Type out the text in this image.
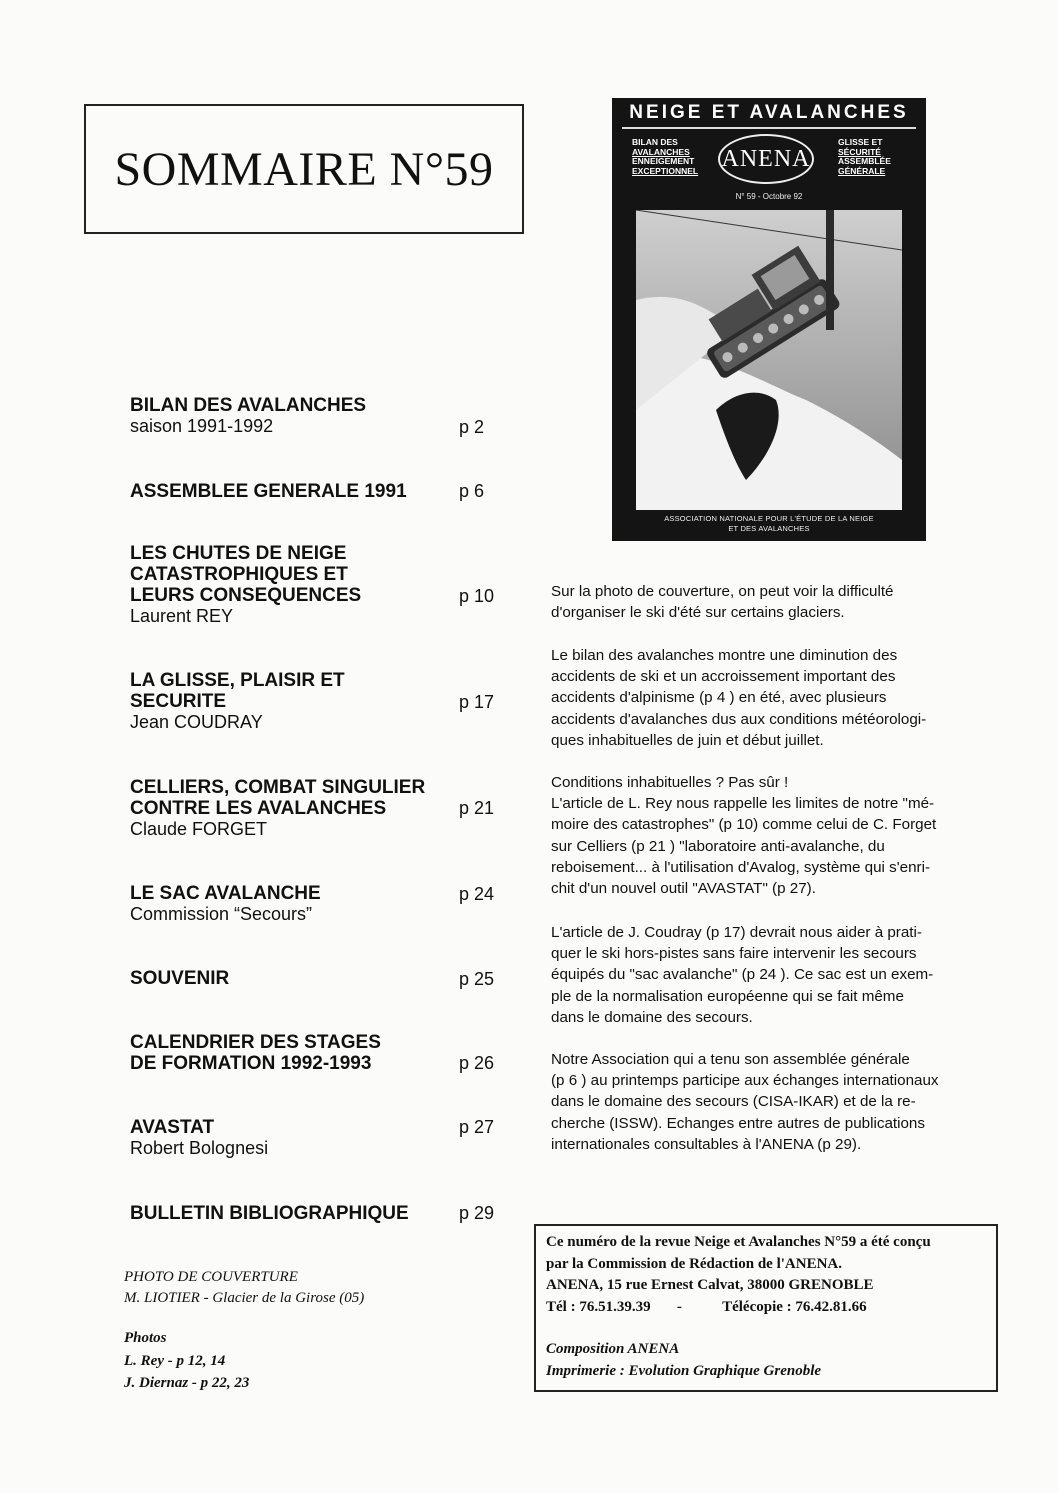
SOMMAIRE N°59
NEIGE ET AVALANCHES
BILAN DES
AVALANCHES
ENNEIGEMENT
EXCEPTIONNEL ANENA
GLISSE ET
SÉCURITÉ
ASSEMBLÉE
GÉNÉRALE
N° 59 - Octobre 92
ASSOCIATION NATIONALE POUR L'ÉTUDE DE LA NEIGE
ET DES AVALANCHES
BILAN DES AVALANCHES
saison 1991-1992	p 2
ASSEMBLEE GENERALE 1991	p 6
LES CHUTES DE NEIGE
CATASTROPHIQUES ET
LEURS CONSEQUENCES
Laurent REY
p 10
LA GLISSE, PLAISIR ET
SECURITE
Jean COUDRAY
p 17
CELLIERS, COMBAT SINGULIER
CONTRE LES AVALANCHES
Claude FORGET
p 21
LE SAC AVALANCHE
Commission “Secours”
p 24
SOUVENIR	p 25
CALENDRIER DES STAGES
DE FORMATION 1992-1993	p 26
AVASTAT
Robert Bolognesi
p 27
BULLETIN BIBLIOGRAPHIQUE	p 29

Sur la photo de couverture, on peut voir la difficulté
d'organiser le ski d'été sur certains glaciers.

Le bilan des avalanches montre une diminution des
accidents de ski et un accroissement important des
accidents d'alpinisme (p 4 ) en été, avec plusieurs
accidents d'avalanches dus aux conditions météorologi-
ques inhabituelles de juin et début juillet.

Conditions inhabituelles ? Pas sûr !
L'article de L. Rey nous rappelle les limites de notre "mé-
moire des catastrophes" (p 10) comme celui de C. Forget
sur Celliers (p 21 ) "laboratoire anti-avalanche, du
reboisement... à l'utilisation d'Avalog, système qui s'enri-
chit d'un nouvel outil "AVASTAT" (p 27).

L'article de J. Coudray (p 17) devrait nous aider à prati-
quer le ski hors-pistes sans faire intervenir les secours
équipés du "sac avalanche" (p 24 ). Ce sac est un exem-
ple de la normalisation européenne qui se fait même
dans le domaine des secours.

Notre Association qui a tenu son assemblée générale
(p 6 ) au printemps participe aux échanges internationaux
dans le domaine des secours (CISA-IKAR) et de la re-
cherche (ISSW). Echanges entre autres de publications
internationales consultables à l'ANENA (p 29).

Ce numéro de la revue Neige et Avalanches N°59 a été conçu
par la Commission de Rédaction de l'ANENA.
ANENA, 15 rue Ernest Calvat, 38000 GRENOBLE
Tél : 76.51.39.39 -	Télécopie : 76.42.81.66
Composition ANENA
Imprimerie : Evolution Graphique Grenoble
PHOTO DE COUVERTURE
M. LIOTIER - Glacier de la Girose (05)
Photos
L. Rey - p 12, 14
J. Diernaz - p 22, 23
